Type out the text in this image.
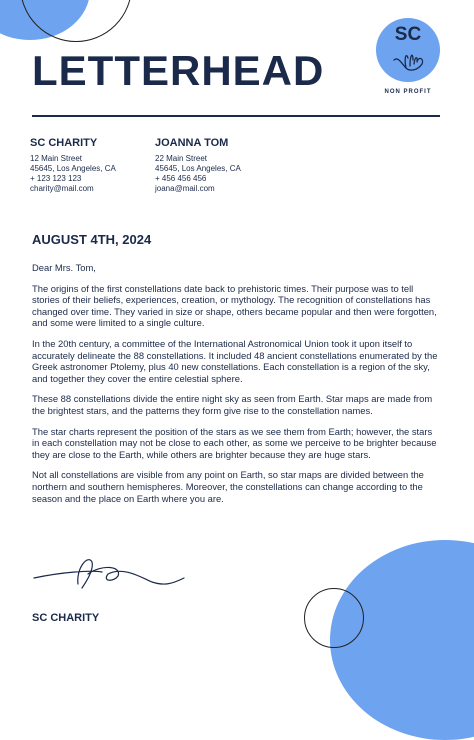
LETTERHEAD
SC
NON PROFIT
SC CHARITY
12 Main Street
45645, Los Angeles, CA
+ 123 123 123
charity@mail.com
JOANNA TOM
22 Main Street
45645, Los Angeles, CA
+ 456 456 456
joana@mail.com
AUGUST 4TH, 2024

Dear Mrs. Tom,

The origins of the first constellations date back to prehistoric times. Their purpose was to tell stories of their beliefs, experiences, creation, or mythology. The recognition of constellations has changed over time. They varied in size or shape, others became popular and then were forgotten, and some were limited to a single culture.

In the 20th century, a committee of the International Astronomical Union took it upon itself to accurately delineate the 88 constellations. It included 48 ancient constellations enumerated by the Greek astronomer Ptolemy, plus 40 new constellations. Each constellation is a region of the sky, and together they cover the entire celestial sphere.

These 88 constellations divide the entire night sky as seen from Earth. Star maps are made from the brightest stars, and the patterns they form give rise to the constellation names.

The star charts represent the position of the stars as we see them from Earth; however, the stars in each constellation may not be close to each other, as some we perceive to be brighter because they are close to the Earth, while others are brighter because they are huge stars.

Not all constellations are visible from any point on Earth, so star maps are divided between the northern and southern hemispheres. Moreover, the constellations can change according to the season and the place on Earth where you are.

SC CHARITY
